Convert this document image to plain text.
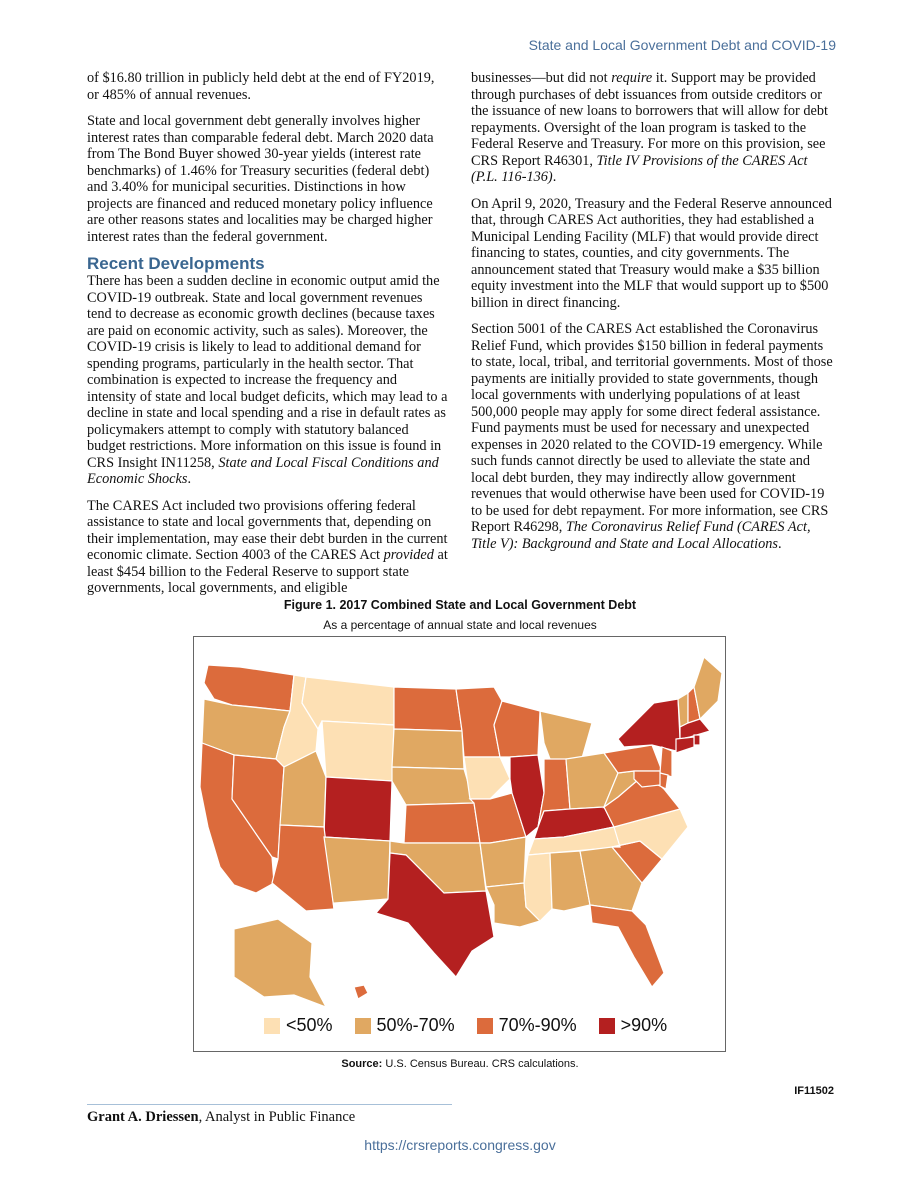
State and Local Government Debt and COVID-19

of $16.80 trillion in publicly held debt at the end of FY2019, or 485% of annual revenues.

State and local government debt generally involves higher interest rates than comparable federal debt. March 2020 data from The Bond Buyer showed 30-year yields (interest rate benchmarks) of 1.46% for Treasury securities (federal debt) and 3.40% for municipal securities. Distinctions in how projects are financed and reduced monetary policy influence are other reasons states and localities may be charged higher interest rates than the federal government.

Recent Developments

There has been a sudden decline in economic output amid the COVID-19 outbreak. State and local government revenues tend to decrease as economic growth declines (because taxes are paid on economic activity, such as sales). Moreover, the COVID-19 crisis is likely to lead to additional demand for spending programs, particularly in the health sector. That combination is expected to increase the frequency and intensity of state and local budget deficits, which may lead to a decline in state and local spending and a rise in default rates as policymakers attempt to comply with statutory balanced budget restrictions. More information on this issue is found in CRS Insight IN11258, State and Local Fiscal Conditions and Economic Shocks.

The CARES Act included two provisions offering federal assistance to state and local governments that, depending on their implementation, may ease their debt burden in the current economic climate. Section 4003 of the CARES Act provided at least $454 billion to the Federal Reserve to support state governments, local governments, and eligible

businesses—but did not require it. Support may be provided through purchases of debt issuances from outside creditors or the issuance of new loans to borrowers that will allow for debt repayments. Oversight of the loan program is tasked to the Federal Reserve and Treasury. For more on this provision, see CRS Report R46301, Title IV Provisions of the CARES Act (P.L. 116-136).

On April 9, 2020, Treasury and the Federal Reserve announced that, through CARES Act authorities, they had established a Municipal Lending Facility (MLF) that would provide direct financing to states, counties, and city governments. The announcement stated that Treasury would make a $35 billion equity investment into the MLF that would support up to $500 billion in direct financing.

Section 5001 of the CARES Act established the Coronavirus Relief Fund, which provides $150 billion in federal payments to state, local, tribal, and territorial governments. Most of those payments are initially provided to state governments, though local governments with underlying populations of at least 500,000 people may apply for some direct federal assistance. Fund payments must be used for necessary and unexpected expenses in 2020 related to the COVID-19 emergency. While such funds cannot directly be used to alleviate the state and local debt burden, they may indirectly allow government revenues that would otherwise have been used for COVID-19 to be used for debt repayment. For more information, see CRS Report R46298, The Coronavirus Relief Fund (CARES Act, Title V): Background and State and Local Allocations.

Figure 1. 2017 Combined State and Local Government Debt
As a percentage of annual state and local revenues
<50% 50%-70% 70%-90% >90%
Source: U.S. Census Bureau. CRS calculations.
IF11502
Grant A. Driessen, Analyst in Public Finance
https://crsreports.congress.gov
